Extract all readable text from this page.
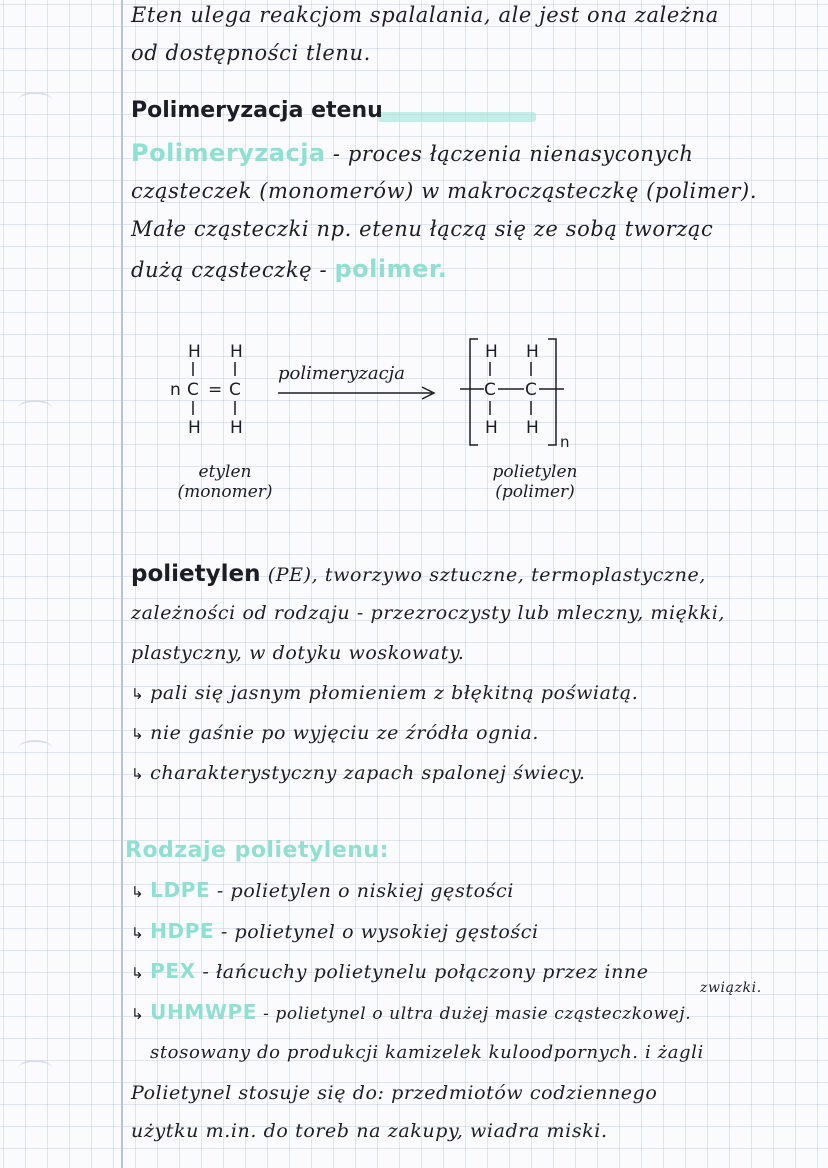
Eten ulega reakcjom spalalania, ale jest ona zależna
od dostępności tlenu.
Polimeryzacja etenu
Polimeryzacja - proces łączenia nienasyconych
cząsteczek (monomerów) w makrocząsteczkę (polimer).
Małe cząsteczki np. etenu łączą się ze sobą tworząc
dużą cząsteczkę - polimer.
H H
n C = C
H H
polimeryzacja
H H
C C
H H
n
etylen
(monomer)
polietylen
(polimer)
polietylen (PE), tworzywo sztuczne, termoplastyczne,
zależności od rodzaju - przezroczysty lub mleczny, miękki,
plastyczny, w dotyku woskowaty.
↳ pali się jasnym płomieniem z błękitną poświatą.
↳ nie gaśnie po wyjęciu ze źródła ognia.
↳ charakterystyczny zapach spalonej świecy.
Rodzaje polietylenu:
↳ LDPE - polietylen o niskiej gęstości
↳ HDPE - polietynel o wysokiej gęstości
↳ PEX - łańcuchy polietynelu połączony przez inne
związki.
↳ UHMWPE - polietynel o ultra dużej masie cząsteczkowej.
stosowany do produkcji kamizelek kuloodpornych. i żagli
Polietynel stosuje się do: przedmiotów codziennego
użytku m.in. do toreb na zakupy, wiadra miski.
